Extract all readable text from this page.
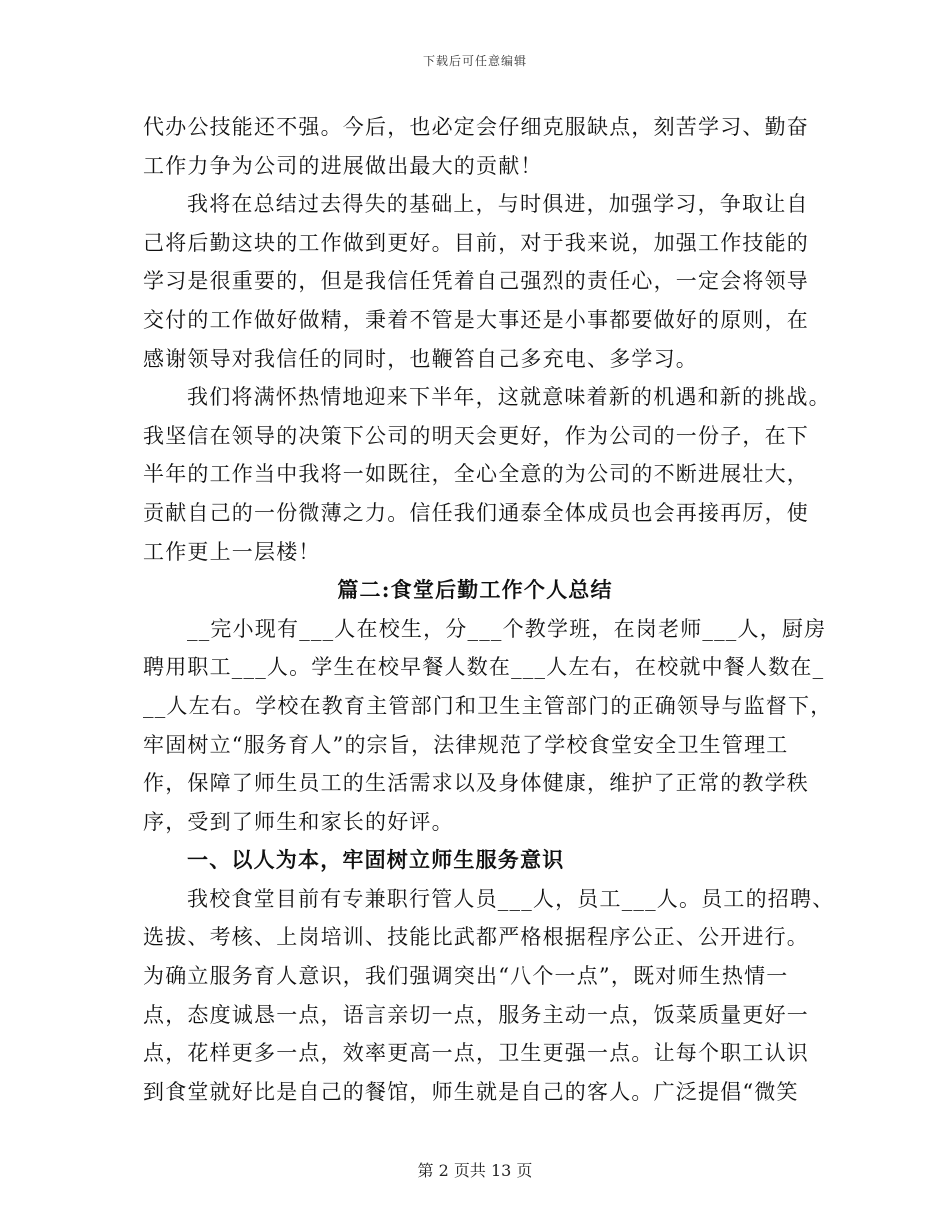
下载后可任意编辑
代办公技能还不强。今后，也必定会仔细克服缺点，刻苦学习、勤奋
工作力争为公司的进展做出最大的贡献！
我将在总结过去得失的基础上，与时俱进，加强学习，争取让自
己将后勤这块的工作做到更好。目前，对于我来说，加强工作技能的
学习是很重要的，但是我信任凭着自己强烈的责任心，一定会将领导
交付的工作做好做精，秉着不管是大事还是小事都要做好的原则，在
感谢领导对我信任的同时，也鞭笞自己多充电、多学习。
我们将满怀热情地迎来下半年，这就意味着新的机遇和新的挑战。
我坚信在领导的决策下公司的明天会更好，作为公司的一份子，在下
半年的工作当中我将一如既往，全心全意的为公司的不断进展壮大，
贡献自己的一份微薄之力。信任我们通泰全体成员也会再接再厉，使
工作更上一层楼！
篇二:食堂后勤工作个人总结
__完小现有___人在校生，分___个教学班，在岗老师___人，厨房
聘用职工___人。学生在校早餐人数在___人左右，在校就中餐人数在_
__人左右。学校在教育主管部门和卫生主管部门的正确领导与监督下，
牢固树立“服务育人”的宗旨，法律规范了学校食堂安全卫生管理工
作，保障了师生员工的生活需求以及身体健康，维护了正常的教学秩
序，受到了师生和家长的好评。
一、以人为本，牢固树立师生服务意识
我校食堂目前有专兼职行管人员___人，员工___人。员工的招聘、
选拔、考核、上岗培训、技能比武都严格根据程序公正、公开进行。
为确立服务育人意识，我们强调突出“八个一点”，既对师生热情一
点，态度诚恳一点，语言亲切一点，服务主动一点，饭菜质量更好一
点，花样更多一点，效率更高一点，卫生更强一点。让每个职工认识
到食堂就好比是自己的餐馆，师生就是自己的客人。广泛提倡“微笑
第 2 页共 13 页
